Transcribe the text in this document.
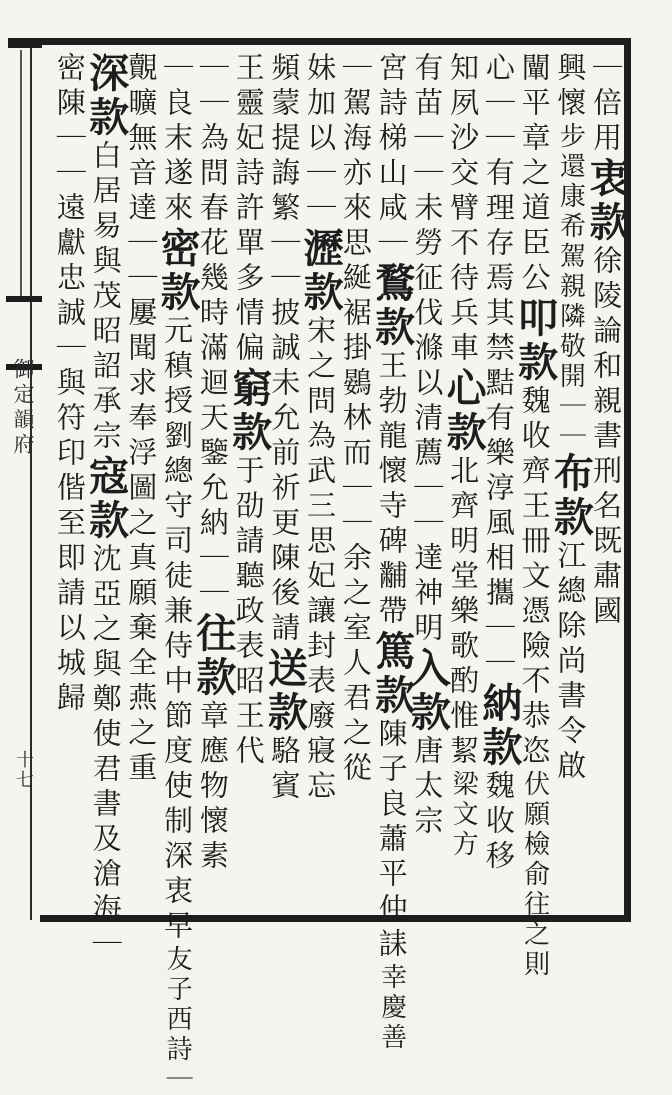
御定韻府
十七
｜倍用衷款徐陵論和親書刑名既肅國
興懷步還康希駕親隣敬開｜｜布款江總除尚書令啟
闡平章之道臣公叩款魏收齊王冊文憑險不恭恣伏願檢俞往之則
心｜｜有理存焉其禁黠有樂淳風相攜｜｜納款魏收移
知夙沙交臂不待兵車心款北齊明堂樂歌酌惟絜梁文方
有苗｜｜未勞征伐滌以清薦｜｜達神明入款唐太宗
宮詩梯山咸｜鶩款王勃龍懷寺碑黼帶篤款陳子良蕭平仲誄幸慶善
｜駕海亦來思綖裾掛鷃林而｜｜余之室人君之從
妹加以｜｜瀝款宋之問為武三思妃讓封表廢寢忘
頻蒙提誨繁｜｜披誠未允前祈更陳後請送款駱賓
王靈妃詩許單多情偏窮款于劭請聽政表昭王代
｜｜為問春花幾時滿迴天鑒允納｜｜往款章應物懷素
｜良末遂來密款元稹授劉總守司徒兼侍中節度使制深衷早友子西詩｜
覿曠無音達｜｜屢聞求奉浮圖之真願棄全燕之重
深款白居易與茂昭詔承宗寇款沈亞之與鄭使君書及滄海｜
密陳｜｜遠獻忠誠｜與符印偕至即請以城歸
